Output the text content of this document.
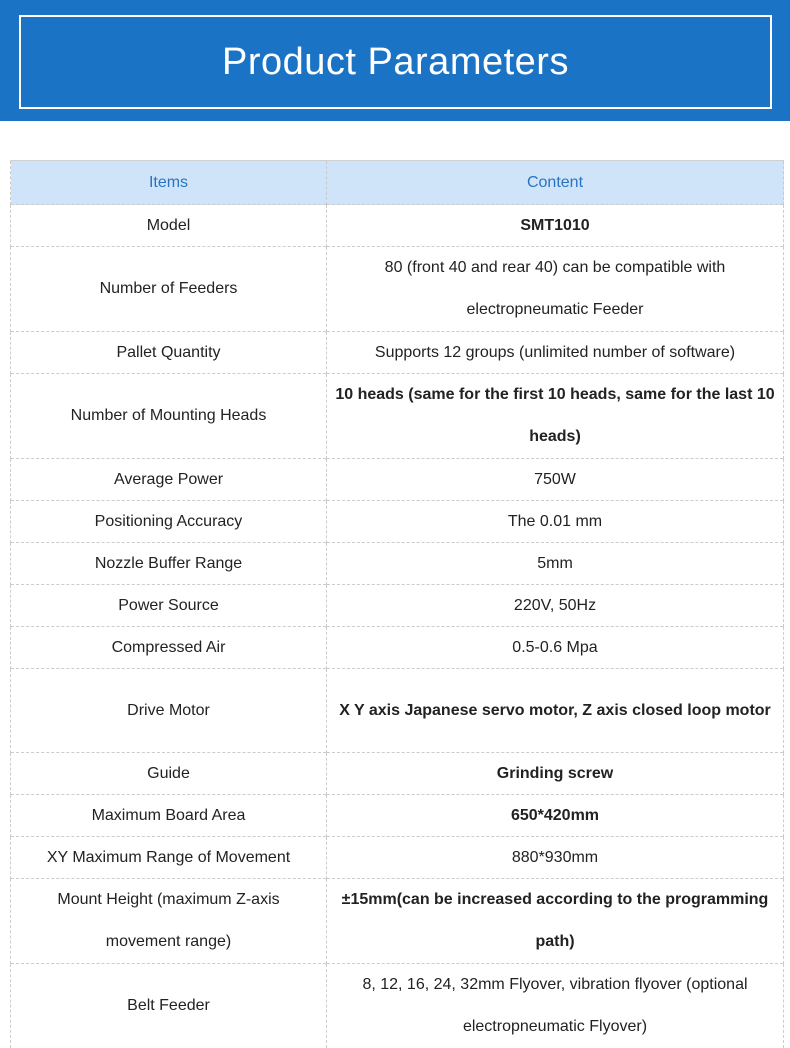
Product Parameters
Items	Content
Model	SMT1010
Number of Feeders	80 (front 40 and rear 40) can be compatible with electropneumatic Feeder
Pallet Quantity	Supports 12 groups (unlimited number of software)
Number of Mounting Heads	10 heads (same for the first 10 heads, same for the last 10 heads)
Average Power	750W
Positioning Accuracy	The 0.01 mm
Nozzle Buffer Range	5mm
Power Source	220V, 50Hz
Compressed Air	0.5-0.6 Mpa
Drive Motor	X Y axis Japanese servo motor, Z axis closed loop motor
Guide	Grinding screw
Maximum Board Area	650*420mm
XY Maximum Range of Movement	880*930mm
Mount Height (maximum Z-axis movement range)	±15mm(can be increased according to the programming path)
Belt Feeder	8, 12, 16, 24, 32mm Flyover, vibration flyover (optional electropneumatic Flyover)
